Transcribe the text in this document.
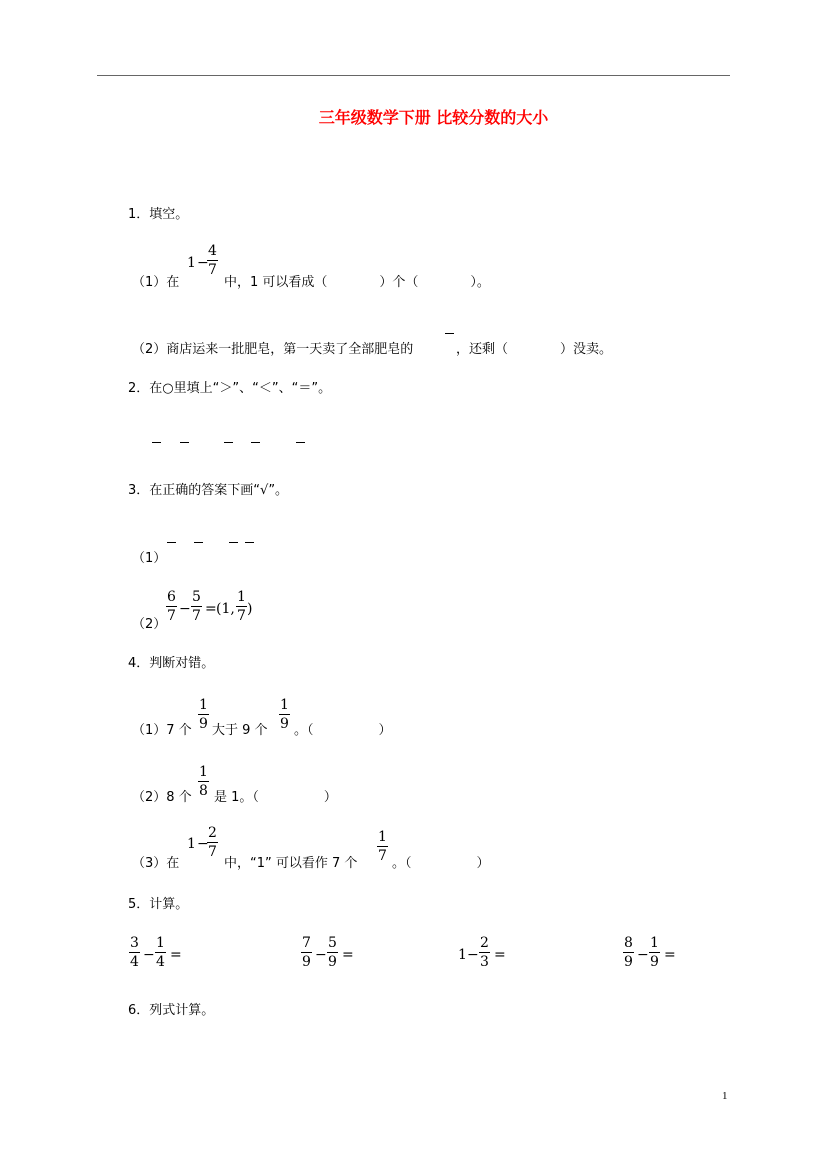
三年级数学下册 比较分数的大小
1．填空。
（1）在
1 −
$\frac{4}{7}$
中，1 可以看成（　　　　）个（　　　　）。
（2）商店运来一批肥皂，第一天卖了全部肥皂的	，还剩（　　　　）没卖。
2．在○里填上“＞”、“＜”、“＝”。
3．在正确的答案下画“√”。
（1）
（2）
$\frac{6}{7} - \frac{5}{7} = (1$, $\frac{1}{7}$ )
4．判断对错。
（1）7 个 $\frac{1}{9}$ 大于 9 个 $\frac{1}{9}$ 。（　　　　　）
（2）8 个 $\frac{1}{8}$ 是 1。（　　　　　）
（3）在
1 −
$\frac{2}{7}$
中，“1” 可以看作 7 个
$\frac{1}{7}$
。（　　　　　）
5．计算。
$\frac{3}{4} - \frac{1}{4}$ =	$\frac{7}{9} - \frac{5}{9}$ =	$1 - \frac{2}{3}$ =	$\frac{8}{9} - \frac{1}{9}$ =
6．列式计算。
1
